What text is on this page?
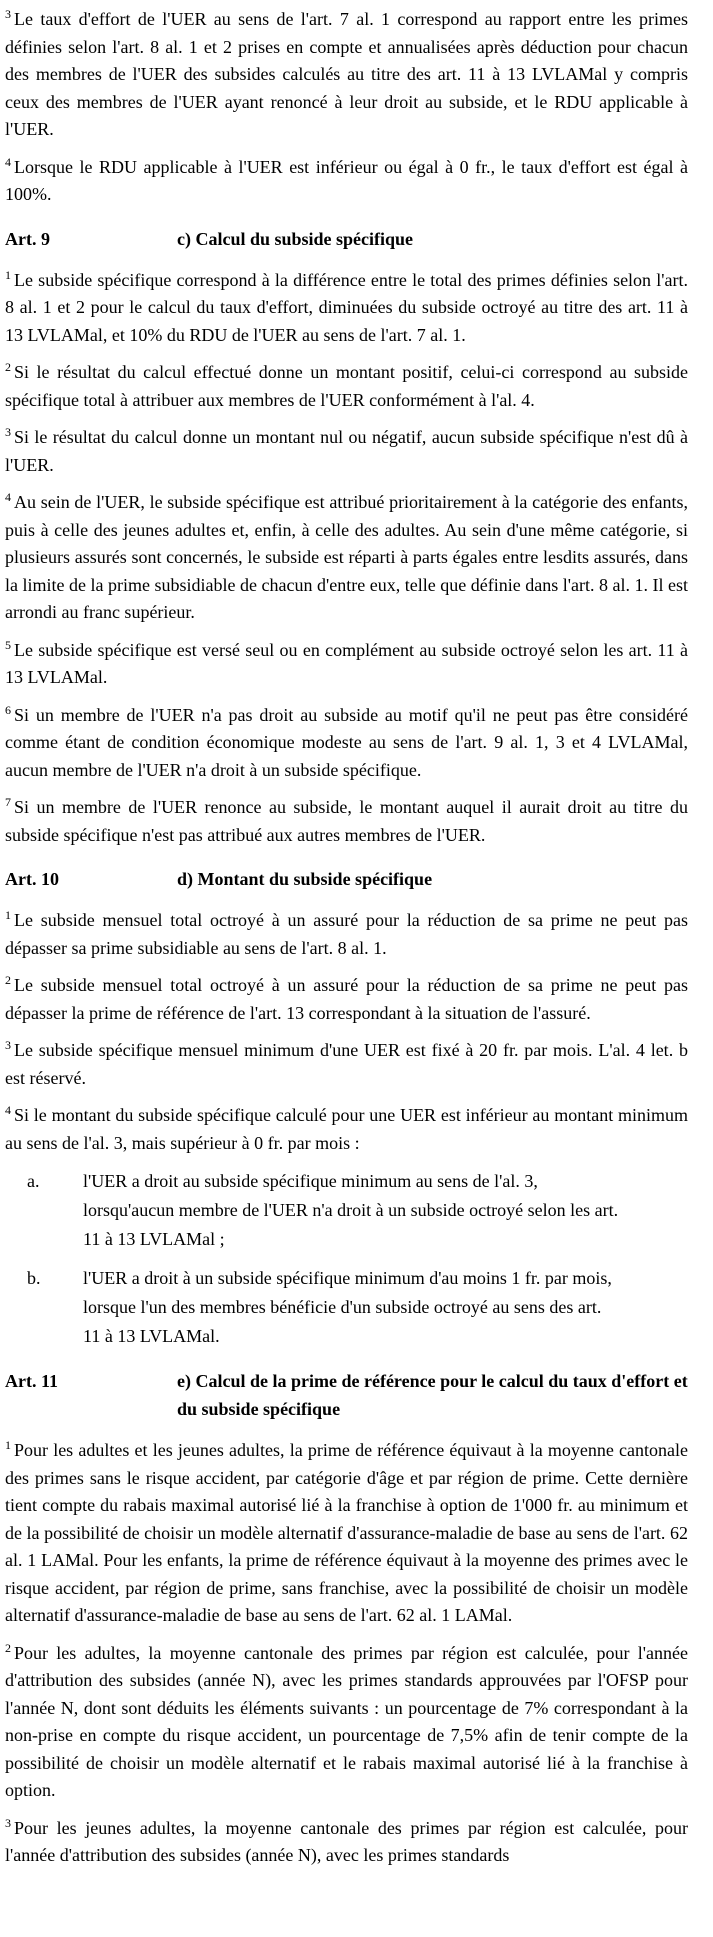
$^3$ Le taux d'effort de l'UER au sens de l'art. 7 al. 1 correspond au rapport entre les primes définies selon l'art. 8 al. 1 et 2 prises en compte et annualisées après déduction pour chacun des membres de l'UER des subsides calculés au titre des art. 11 à 13 LVLAMal y compris ceux des membres de l'UER ayant renoncé à leur droit au subside, et le RDU applicable à l'UER.

$^4$ Lorsque le RDU applicable à l'UER est inférieur ou égal à 0 fr., le taux d'effort est égal à 100%.

Art. 9	c) Calcul du subside spécifique

$^1$ Le subside spécifique correspond à la différence entre le total des primes définies selon l'art. 8 al. 1 et 2 pour le calcul du taux d'effort, diminuées du subside octroyé au titre des art. 11 à 13 LVLAMal, et 10% du RDU de l'UER au sens de l'art. 7 al. 1.

$^2$ Si le résultat du calcul effectué donne un montant positif, celui-ci correspond au subside spécifique total à attribuer aux membres de l'UER conformément à l'al. 4.

$^3$ Si le résultat du calcul donne un montant nul ou négatif, aucun subside spécifique n'est dû à l'UER.

$^4$ Au sein de l'UER, le subside spécifique est attribué prioritairement à la catégorie des enfants, puis à celle des jeunes adultes et, enfin, à celle des adultes. Au sein d'une même catégorie, si plusieurs assurés sont concernés, le subside est réparti à parts égales entre lesdits assurés, dans la limite de la prime subsidiable de chacun d'entre eux, telle que définie dans l'art. 8 al. 1. Il est arrondi au franc supérieur.

$^5$ Le subside spécifique est versé seul ou en complément au subside octroyé selon les art. 11 à 13 LVLAMal.

$^6$ Si un membre de l'UER n'a pas droit au subside au motif qu'il ne peut pas être considéré comme étant de condition économique modeste au sens de l'art. 9 al. 1, 3 et 4 LVLAMal, aucun membre de l'UER n'a droit à un subside spécifique.

$^7$ Si un membre de l'UER renonce au subside, le montant auquel il aurait droit au titre du subside spécifique n'est pas attribué aux autres membres de l'UER.

Art. 10	d) Montant du subside spécifique

$^1$ Le subside mensuel total octroyé à un assuré pour la réduction de sa prime ne peut pas dépasser sa prime subsidiable au sens de l'art. 8 al. 1.

$^2$ Le subside mensuel total octroyé à un assuré pour la réduction de sa prime ne peut pas dépasser la prime de référence de l'art. 13 correspondant à la situation de l'assuré.

$^3$ Le subside spécifique mensuel minimum d'une UER est fixé à 20 fr. par mois. L'al. 4 let. b est réservé.

$^4$ Si le montant du subside spécifique calculé pour une UER est inférieur au montant minimum au sens de l'al. 3, mais supérieur à 0 fr. par mois :

a.	l'UER a droit au subside spécifique minimum au sens de l'al. 3,
lorsqu'aucun membre de l'UER n'a droit à un subside octroyé selon les art.
11 à 13 LVLAMal ;
b.	l'UER a droit à un subside spécifique minimum d'au moins 1 fr. par mois,
lorsque l'un des membres bénéficie d'un subside octroyé au sens des art.
11 à 13 LVLAMal.
Art. 11	e) Calcul de la prime de référence pour le calcul du taux d'effort et du subside spécifique

$^1$ Pour les adultes et les jeunes adultes, la prime de référence équivaut à la moyenne cantonale des primes sans le risque accident, par catégorie d'âge et par région de prime. Cette dernière tient compte du rabais maximal autorisé lié à la franchise à option de 1'000 fr. au minimum et de la possibilité de choisir un modèle alternatif d'assurance-maladie de base au sens de l'art. 62 al. 1 LAMal. Pour les enfants, la prime de référence équivaut à la moyenne des primes avec le risque accident, par région de prime, sans franchise, avec la possibilité de choisir un modèle alternatif d'assurance-maladie de base au sens de l'art. 62 al. 1 LAMal.

$^2$ Pour les adultes, la moyenne cantonale des primes par région est calculée, pour l'année d'attribution des subsides (année N), avec les primes standards approuvées par l'OFSP pour l'année N, dont sont déduits les éléments suivants : un pourcentage de 7% correspondant à la non-prise en compte du risque accident, un pourcentage de 7,5% afin de tenir compte de la possibilité de choisir un modèle alternatif et le rabais maximal autorisé lié à la franchise à option.

$^3$ Pour les jeunes adultes, la moyenne cantonale des primes par région est calculée, pour l'année d'attribution des subsides (année N), avec les primes standards
